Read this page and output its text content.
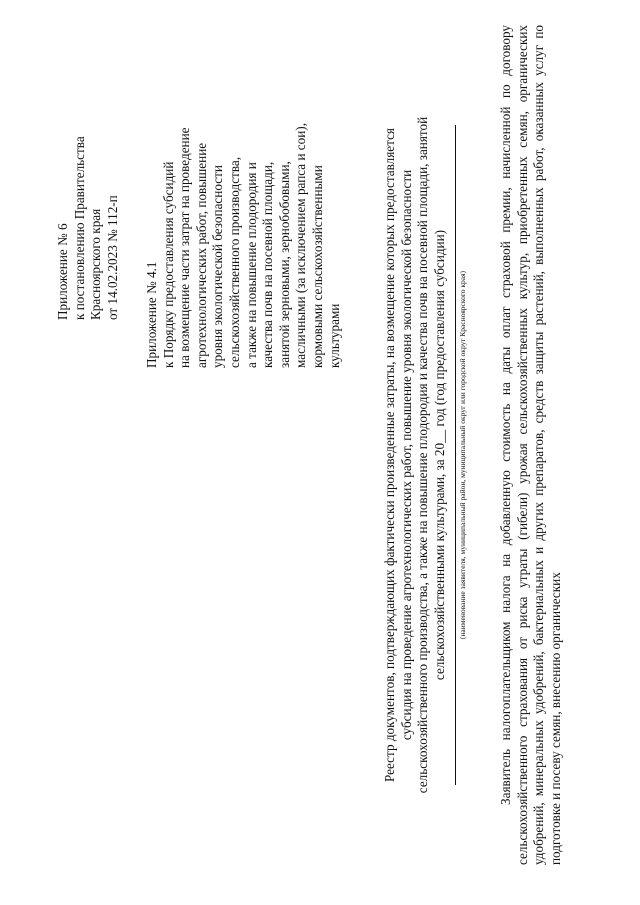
Приложение № 6 к постановлению Правительства Красноярского края от 14.02.2023 № 112-п Приложение № 4.1 к Порядку предоставления субсидий на возмещение части затрат на проведение агротехнологических работ, повышение уровня экологической безопасности сельскохозяйственного производства, а также на повышение плодородия и качества почв на посевной площади, занятой зерновыми, зернобобовыми, масличными (за исключением рапса и сои), кормовыми сельскохозяйственными культурами	Реестр документов, подтверждающих фактически произведенные затраты, на возмещение которых предоставляется субсидия на проведение агротехнологических работ, повышение уровня экологической безопасности сельскохозяйственного производства, а также на повышение плодородия и качества почв на посевной площади, занятой сельскохозяйственными культурами, за 20__ год (год предоставления субсидии) (наименование заявителя, муниципальный район, муниципальный округ или городской округ Красноярского края) Заявитель налогоплательщиком налога на добавленную стоимость на даты оплат страховой премии, начисленной по договору сельскохозяйственного страхования от риска утраты (гибели) урожая сельскохозяйственных культур, приобретенных семян, органических удобрений, минеральных удобрений, бактериальных и других препаратов, средств защиты растений, выполненных работ, оказанных услуг по подготовке и посеву семян, внесению органических
